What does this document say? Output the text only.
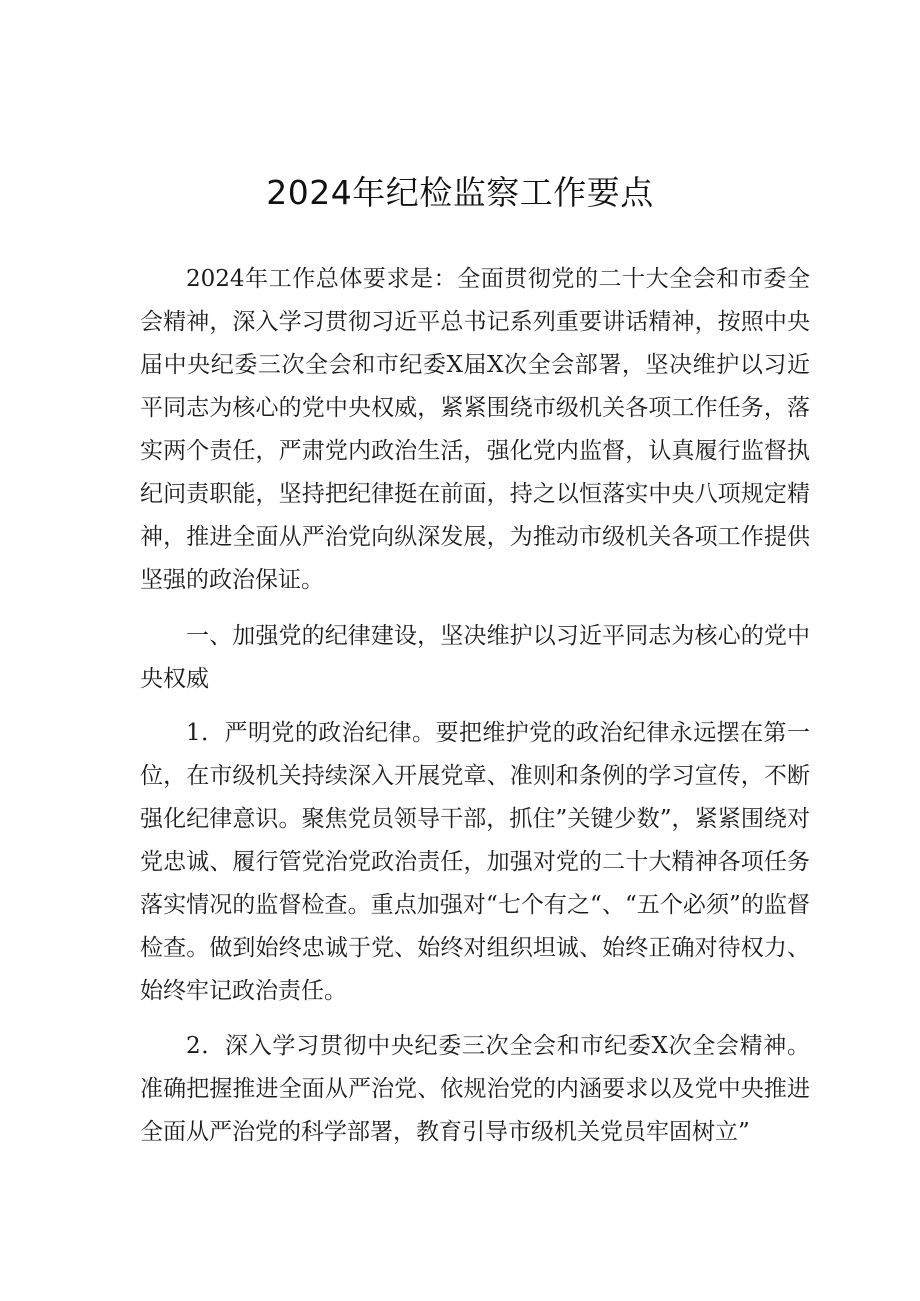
2024年纪检监察工作要点

2024年工作总体要求是：全面贯彻党的二十大全会和市委全会精神，深入学习贯彻习近平总书记系列重要讲话精神，按照中央届中央纪委三次全会和市纪委X届X次全会部署，坚决维护以习近平同志为核心的党中央权威，紧紧围绕市级机关各项工作任务，落实两个责任，严肃党内政治生活，强化党内监督，认真履行监督执纪问责职能，坚持把纪律挺在前面，持之以恒落实中央八项规定精神，推进全面从严治党向纵深发展，为推动市级机关各项工作提供坚强的政治保证。

一、加强党的纪律建设，坚决维护以习近平同志为核心的党中央权威

1．严明党的政治纪律。要把维护党的政治纪律永远摆在第一位，在市级机关持续深入开展党章、准则和条例的学习宣传，不断强化纪律意识。聚焦党员领导干部，抓住”关键少数”，紧紧围绕对党忠诚、履行管党治党政治责任，加强对党的二十大精神各项任务落实情况的监督检查。重点加强对“七个有之“、“五个必须”的监督检查。做到始终忠诚于党、始终对组织坦诚、始终正确对待权力、始终牢记政治责任。

2．深入学习贯彻中央纪委三次全会和市纪委X次全会精神。准确把握推进全面从严治党、依规治党的内涵要求以及党中央推进全面从严治党的科学部署，教育引导市级机关党员牢固树立”
